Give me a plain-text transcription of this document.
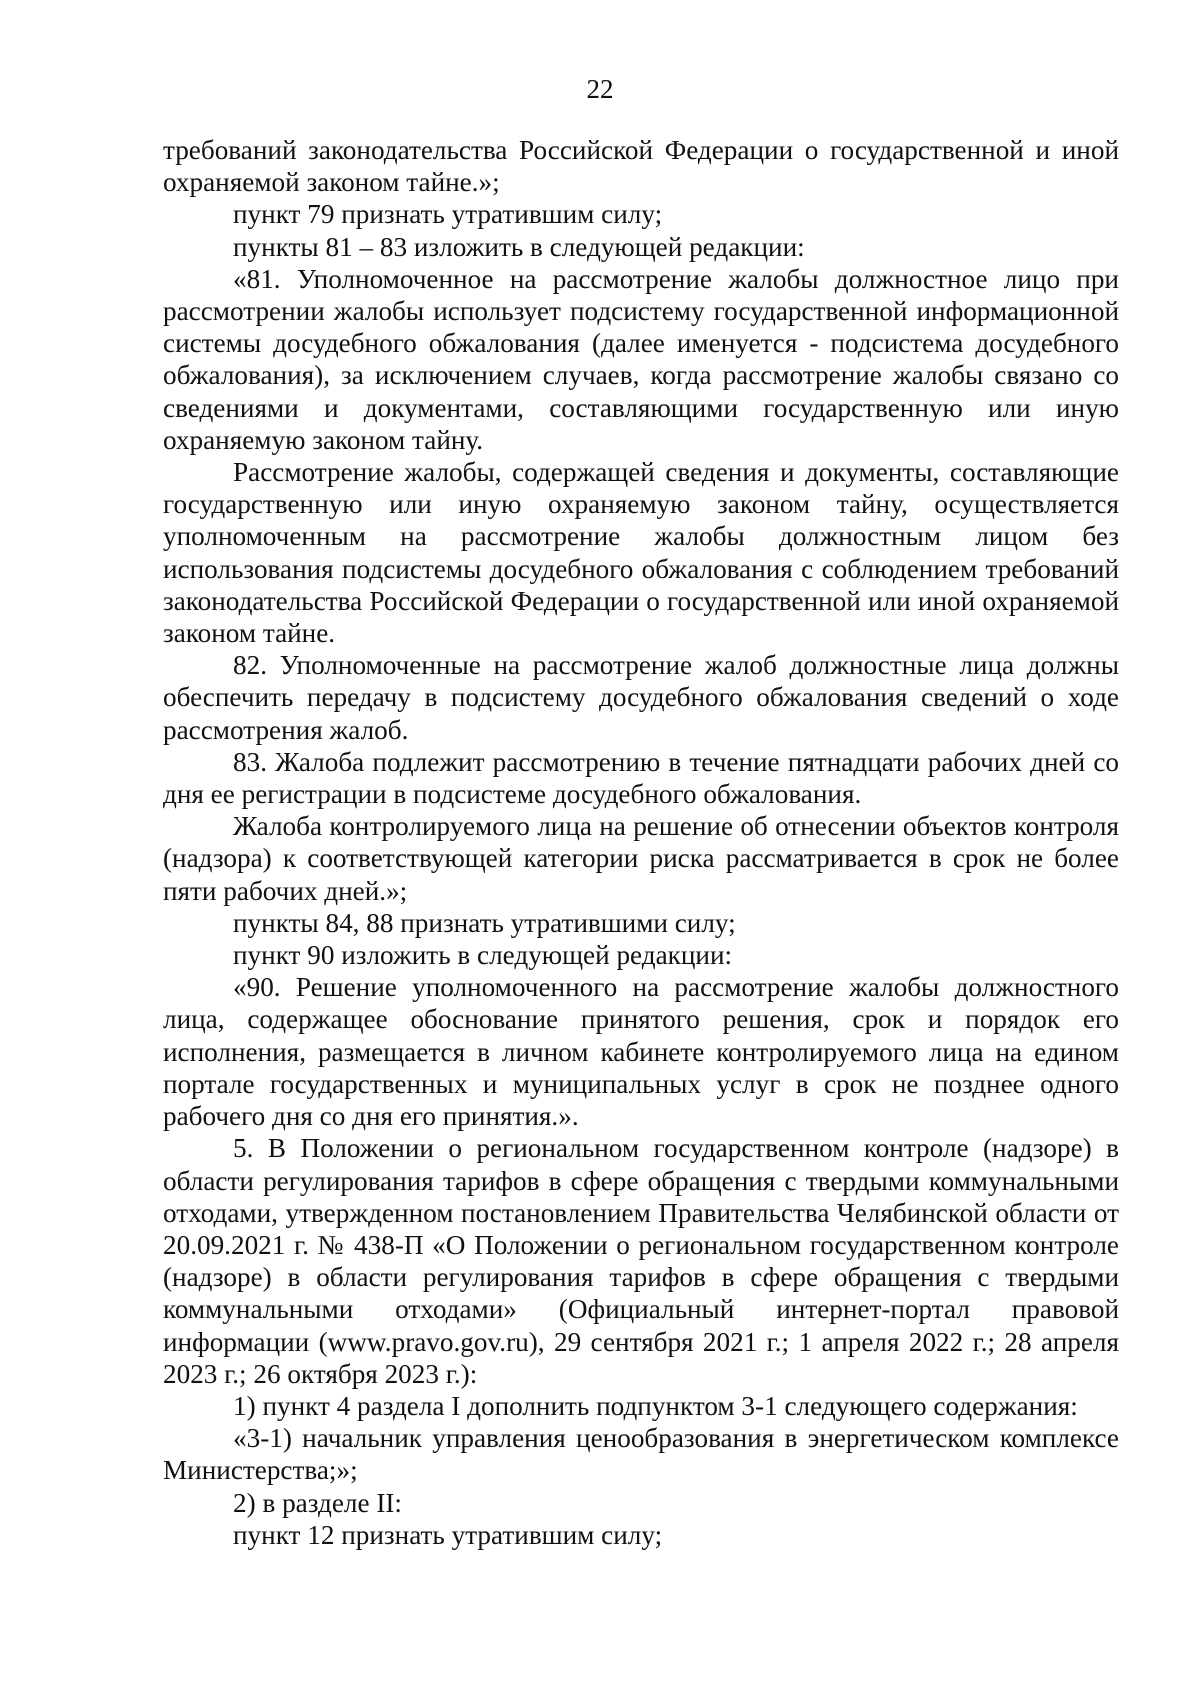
22

требований законодательства Российской Федерации о государственной и иной охраняемой законом тайне.»;

пункт 79 признать утратившим силу;

пункты 81 – 83 изложить в следующей редакции:

«81. Уполномоченное на рассмотрение жалобы должностное лицо при рассмотрении жалобы использует подсистему государственной информационной системы досудебного обжалования (далее именуется - подсистема досудебного обжалования), за исключением случаев, когда рассмотрение жалобы связано со сведениями и документами, составляющими государственную или иную охраняемую законом тайну.

Рассмотрение жалобы, содержащей сведения и документы, составляющие государственную или иную охраняемую законом тайну, осуществляется уполномоченным на рассмотрение жалобы должностным лицом без использования подсистемы досудебного обжалования с соблюдением требований законодательства Российской Федерации о государственной или иной охраняемой законом тайне.

82. Уполномоченные на рассмотрение жалоб должностные лица должны обеспечить передачу в подсистему досудебного обжалования сведений о ходе рассмотрения жалоб.

83. Жалоба подлежит рассмотрению в течение пятнадцати рабочих дней со дня ее регистрации в подсистеме досудебного обжалования.

Жалоба контролируемого лица на решение об отнесении объектов контроля (надзора) к соответствующей категории риска рассматривается в срок не более пяти рабочих дней.»;

пункты 84, 88 признать утратившими силу;

пункт 90 изложить в следующей редакции:

«90. Решение уполномоченного на рассмотрение жалобы должностного лица, содержащее обоснование принятого решения, срок и порядок его исполнения, размещается в личном кабинете контролируемого лица на едином портале государственных и муниципальных услуг в срок не позднее одного рабочего дня со дня его принятия.».

5. В Положении о региональном государственном контроле (надзоре) в области регулирования тарифов в сфере обращения с твердыми коммунальными отходами, утвержденном постановлением Правительства Челябинской области от 20.09.2021 г. № 438-П «О Положении о региональном государственном контроле (надзоре) в области регулирования тарифов в сфере обращения с твердыми коммунальными отходами» (Официальный интернет-портал правовой информации (www.pravo.gov.ru), 29 сентября 2021 г.; 1 апреля 2022 г.; 28 апреля 2023 г.; 26 октября 2023 г.):

1) пункт 4 раздела I дополнить подпунктом 3-1 следующего содержания:

«3-1) начальник управления ценообразования в энергетическом комплексе Министерства;»;

2) в разделе II:

пункт 12 признать утратившим силу;
